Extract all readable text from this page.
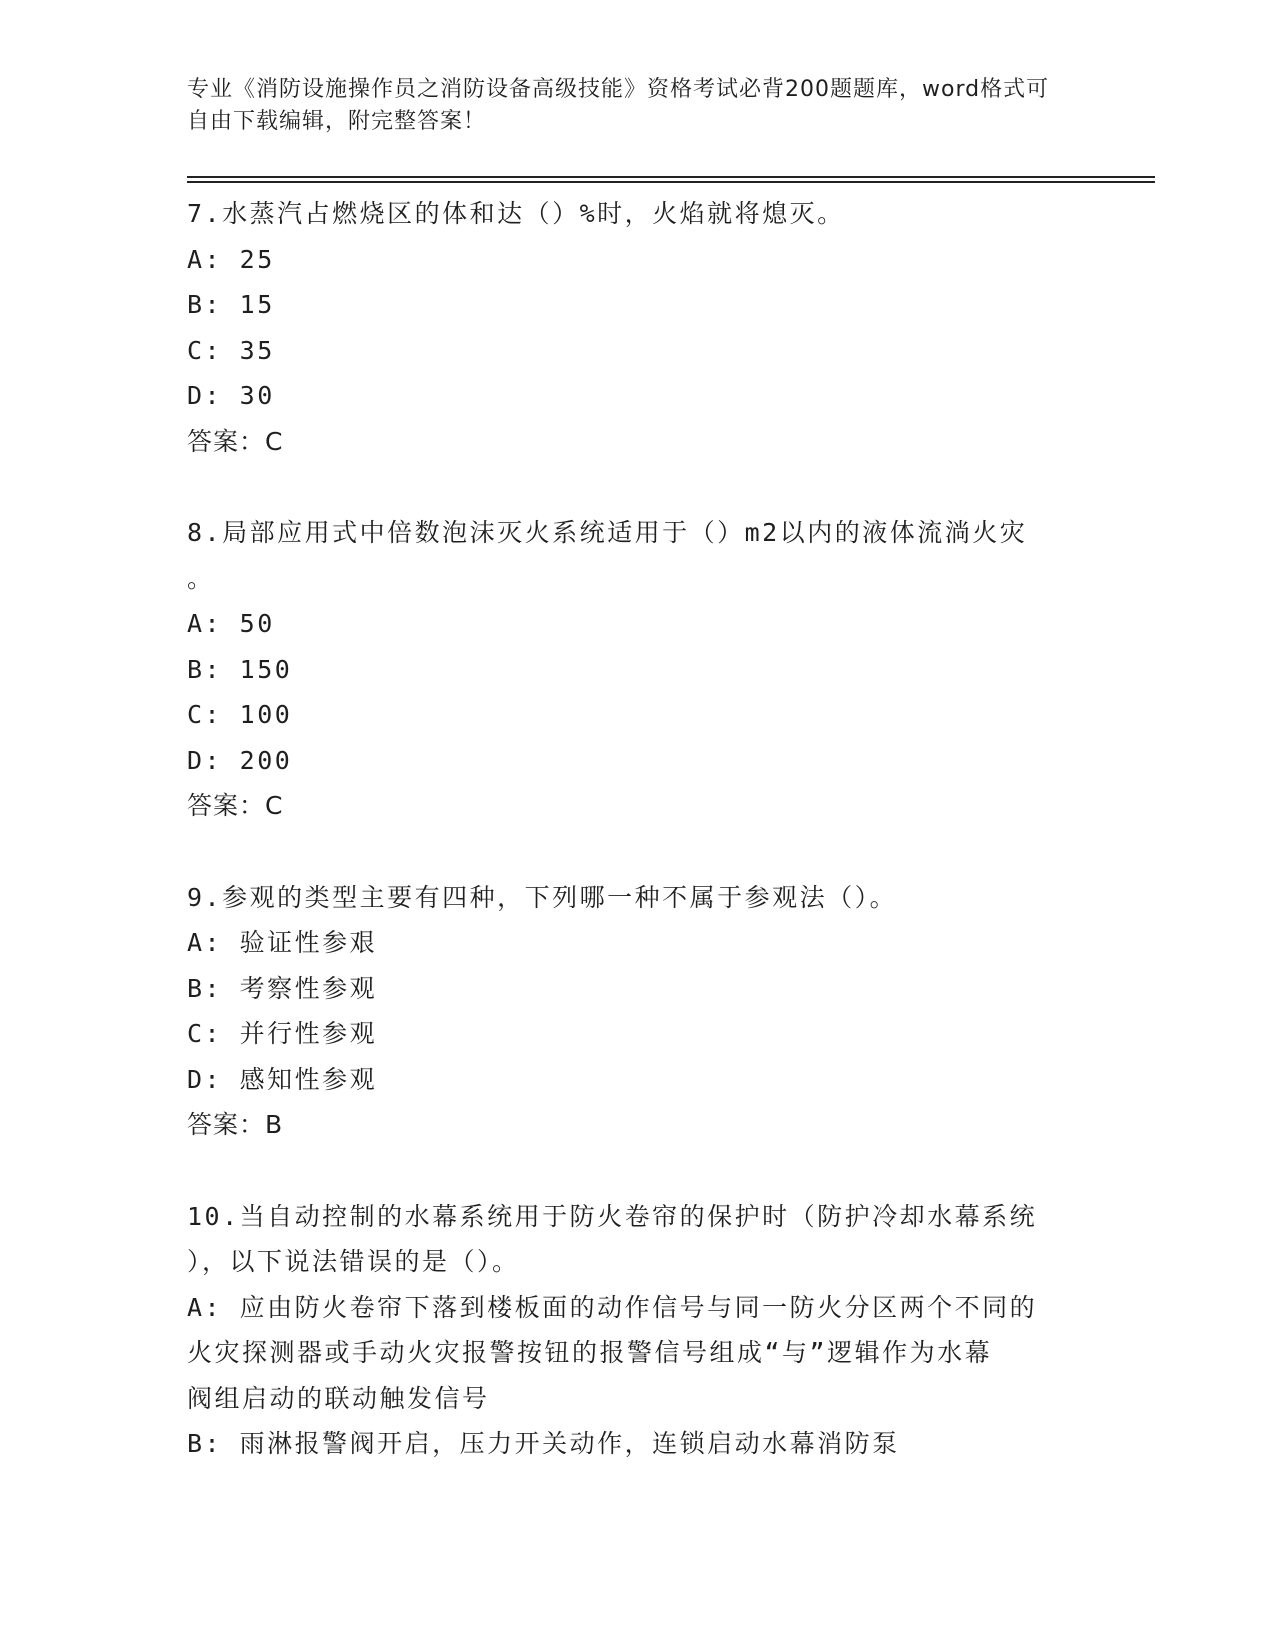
专业《消防设施操作员之消防设备高级技能》资格考试必背200题题库，word格式可自由下载编辑，附完整答案！
7.水蒸汽占燃烧区的体和达（）%时，火焰就将熄灭。
A: 25
B: 15
C: 35
D: 30
答案：C
8.局部应用式中倍数泡沫灭火系统适用于（）m2以内的液体流淌火灾
。
A: 50
B: 150
C: 100
D: 200
答案：C
9.参观的类型主要有四种，下列哪一种不属于参观法（）。
A: 验证性参艰
B: 考察性参观
C: 并行性参观
D: 感知性参观
答案：B
10.当自动控制的水幕系统用于防火卷帘的保护时（防护冷却水幕系统
），以下说法错误的是（）。
A: 应由防火卷帘下落到楼板面的动作信号与同一防火分区两个不同的
火灾探测器或手动火灾报警按钮的报警信号组成“与”逻辑作为水幕
阀组启动的联动触发信号
B: 雨淋报警阀开启，压力开关动作，连锁启动水幕消防泵
